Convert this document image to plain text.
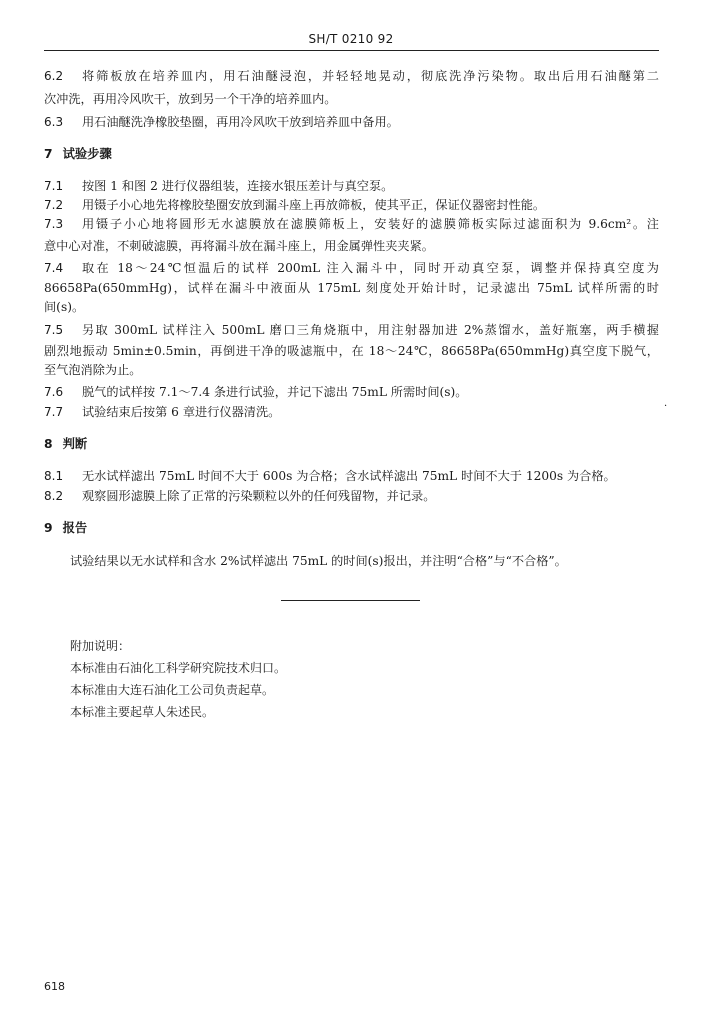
SH/T 0210 92
6.2 将筛板放在培养皿内，用石油醚浸泡，并轻轻地晃动，彻底洗净污染物。取出后用石油醚第二
次冲洗，再用冷风吹干，放到另一个干净的培养皿内。
6.3 用石油醚洗净橡胶垫圈，再用冷风吹干放到培养皿中备用。
7 试验步骤
7.1 按图 1 和图 2 进行仪器组装，连接水银压差计与真空泵。
7.2 用镊子小心地先将橡胶垫圈安放到漏斗座上再放筛板，使其平正，保证仪器密封性能。
7.3 用镊子小心地将圆形无水滤膜放在滤膜筛板上，安装好的滤膜筛板实际过滤面积为 9.6cm²。注
意中心对准，不刺破滤膜，再将漏斗放在漏斗座上，用金属弹性夹夹紧。
7.4 取在 18～24℃恒温后的试样 200mL 注入漏斗中，同时开动真空泵，调整并保持真空度为
86658Pa(650mmHg)，试样在漏斗中液面从 175mL 刻度处开始计时，记录滤出 75mL 试样所需的时
间(s)。
7.5 另取 300mL 试样注入 500mL 磨口三角烧瓶中，用注射器加进 2%蒸馏水，盖好瓶塞，两手横握
剧烈地振动 5min±0.5min，再倒进干净的吸滤瓶中，在 18～24℃，86658Pa(650mmHg)真空度下脱气，
至气泡消除为止。
7.6 脱气的试样按 7.1～7.4 条进行试验，并记下滤出 75mL 所需时间(s)。
7.7 试验结束后按第 6 章进行仪器清洗。	·
8 判断
8.1 无水试样滤出 75mL 时间不大于 600s 为合格；含水试样滤出 75mL 时间不大于 1200s 为合格。
8.2 观察圆形滤膜上除了正常的污染颗粒以外的任何残留物，并记录。
9 报告
试验结果以无水试样和含水 2%试样滤出 75mL 的时间(s)报出，并注明“合格”与“不合格”。
附加说明：
本标准由石油化工科学研究院技术归口。
本标准由大连石油化工公司负责起草。
本标准主要起草人朱述民。
618
